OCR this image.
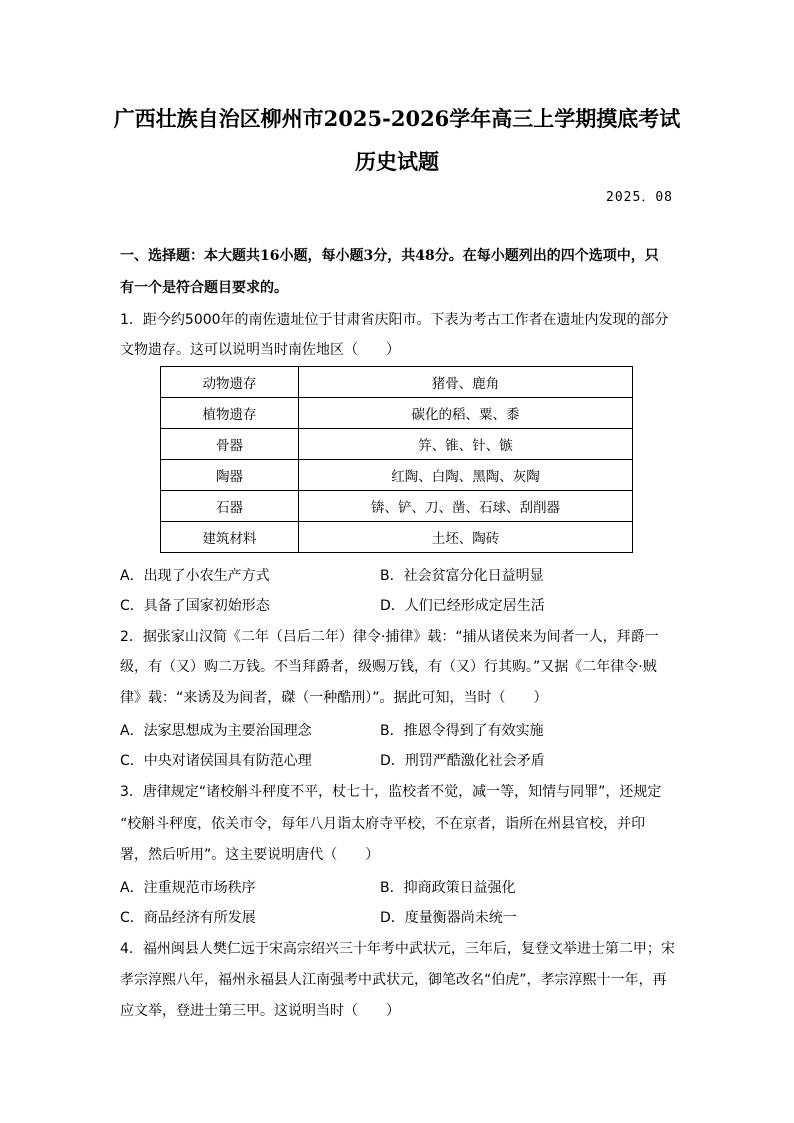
广西壮族自治区柳州市2025-2026学年高三上学期摸底考试
历史试题
2025．08
一、选择题：本大题共16小题，每小题3分，共48分。在每小题列出的四个选项中，只
有一个是符合题目要求的。
1．距今约5000年的南佐遗址位于甘肃省庆阳市。下表为考古工作者在遗址内发现的部分
文物遗存。这可以说明当时南佐地区（　　）
动物遗存	猪骨、鹿角
植物遗存	碳化的稻、粟、黍
骨器	笄、锥、针、镞
陶器	红陶、白陶、黑陶、灰陶
石器	锛、铲、刀、凿、石球、刮削器
建筑材料	土坯、陶砖
A．出现了小农生产方式	B．社会贫富分化日益明显
C．具备了国家初始形态	D．人们已经形成定居生活
2．据张家山汉简《二年（吕后二年）律令·捕律》载：“捕从诸侯来为间者一人，拜爵一
级，有（又）购二万钱。不当拜爵者，级赐万钱，有（又）行其购。”又据《二年律令·贼
律》载：“来诱及为间者，磔（一种酷刑）”。据此可知，当时（　　）
A．法家思想成为主要治国理念	B．推恩令得到了有效实施
C．中央对诸侯国具有防范心理	D．刑罚严酷激化社会矛盾
3．唐律规定“诸校斛斗秤度不平，杖七十，监校者不觉，减一等，知情与同罪”，还规定
“校斛斗秤度，依关市令，每年八月诣太府寺平校，不在京者，诣所在州县官校，并印
署，然后听用”。这主要说明唐代（　　）
A．注重规范市场秩序	B．抑商政策日益强化
C．商品经济有所发展	D．度量衡器尚未统一
4．福州闽县人樊仁远于宋高宗绍兴三十年考中武状元，三年后，复登文举进士第二甲；宋
孝宗淳熙八年，福州永福县人江南强考中武状元，御笔改名“伯虎”，孝宗淳熙十一年，再
应文举，登进士第三甲。这说明当时（　　）
